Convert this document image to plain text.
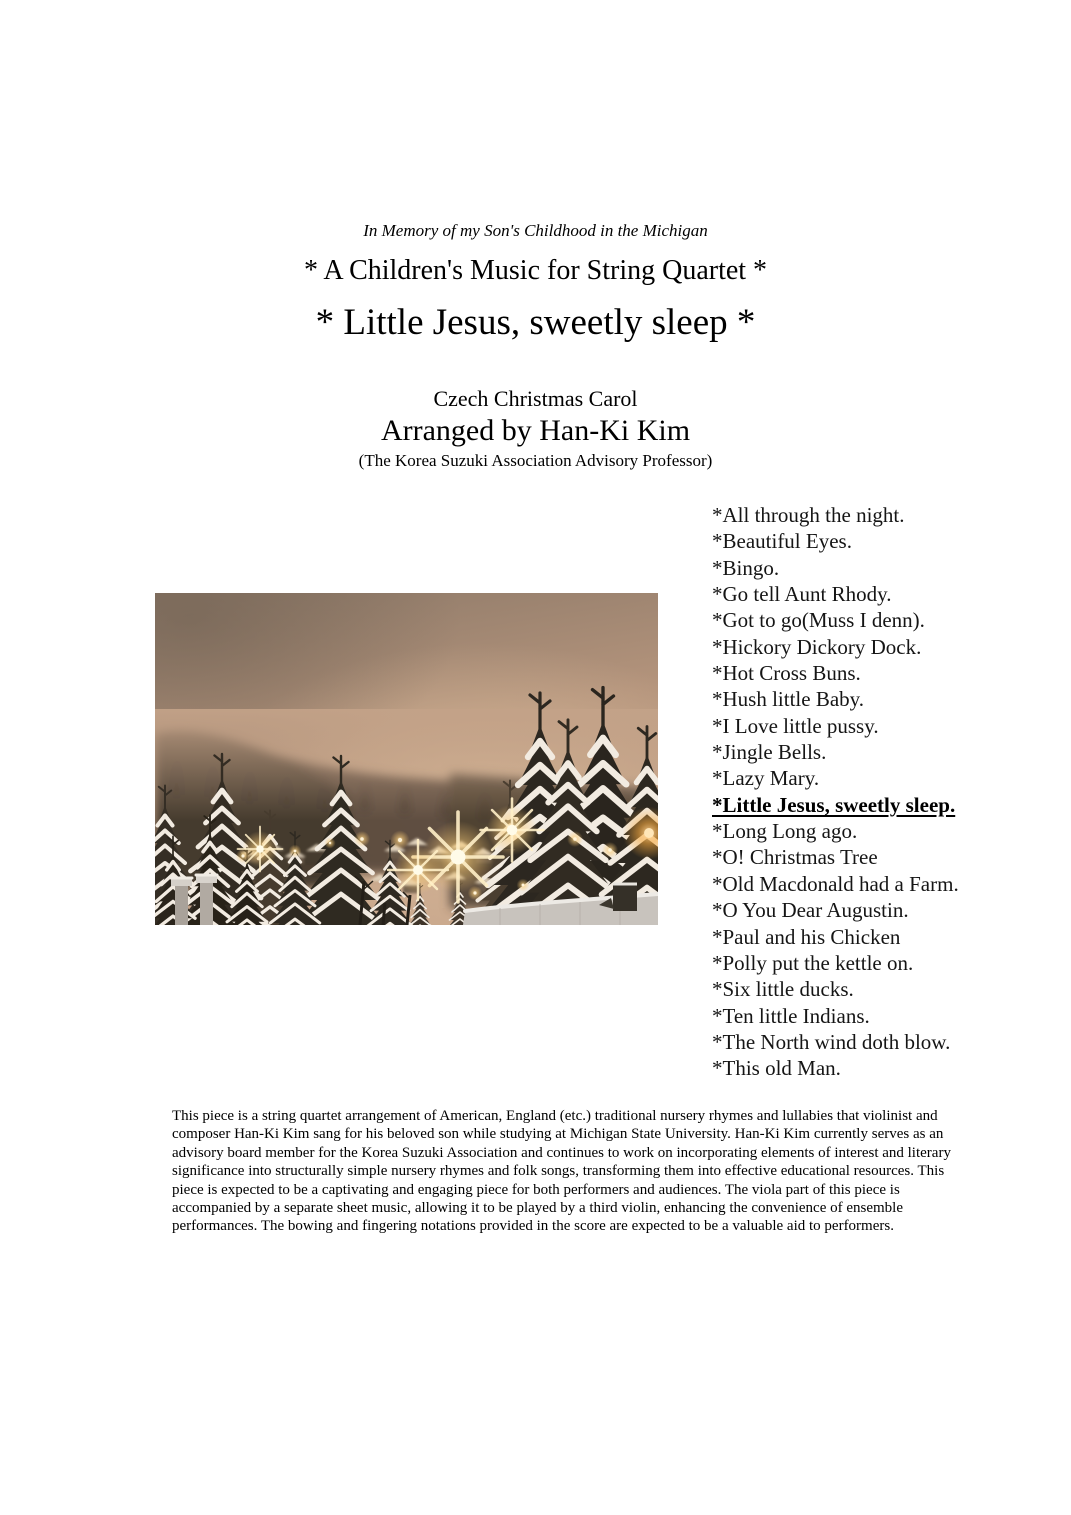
In Memory of my Son's Childhood in the Michigan
* A Children's Music for String Quartet *
* Little Jesus, sweetly sleep *
Czech Christmas Carol
Arranged by Han-Ki Kim
(The Korea Suzuki Association Advisory Professor)
*All through the night.
*Beautiful Eyes.
*Bingo.
*Go tell Aunt Rhody.
*Got to go(Muss I denn).
*Hickory Dickory Dock.
*Hot Cross Buns.
*Hush little Baby.
*I Love little pussy.
*Jingle Bells.
*Lazy Mary.
*Little Jesus, sweetly sleep.
*Long Long ago.
*O! Christmas Tree
*Old Macdonald had a Farm.
*O You Dear Augustin.
*Paul and his Chicken
*Polly put the kettle on.
*Six little ducks.
*Ten little Indians.
*The North wind doth blow.
*This old Man.

This piece is a string quartet arrangement of American, England (etc.) traditional nursery rhymes and lullabies that violinist and composer Han-Ki Kim sang for his beloved son while studying at Michigan State University. Han-Ki Kim currently serves as an advisory board member for the Korea Suzuki Association and continues to work on incorporating elements of interest and literary significance into structurally simple nursery rhymes and folk songs, transforming them into effective educational resources. This piece is expected to be a captivating and engaging piece for both performers and audiences. The viola part of this piece is accompanied by a separate sheet music, allowing it to be played by a third violin, enhancing the convenience of ensemble performances. The bowing and fingering notations provided in the score are expected to be a valuable aid to performers.
